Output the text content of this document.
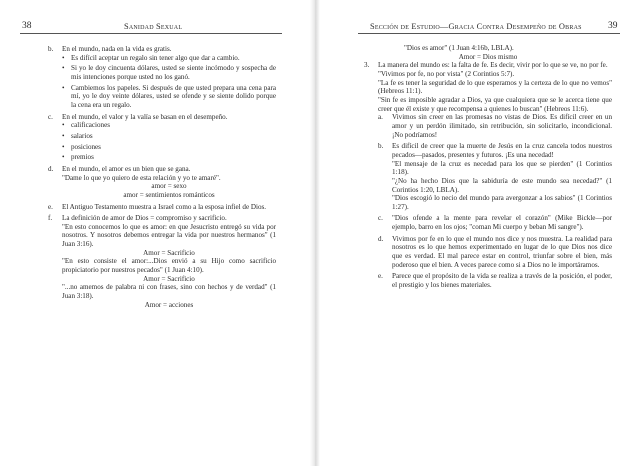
38	Sanidad Sexual
b. En el mundo, nada en la vida es gratis.

• Es difícil aceptar un regalo sin tener algo que dar a cambio.

• Si yo le doy cincuenta dólares, usted se siente incómodo y sospecha de mis intenciones porque usted no los ganó.

• Cambiemos los papeles. Si después de que usted prepara una cena para mí, yo le doy veinte dólares, usted se ofende y se siente dolido porque la cena era un regalo.

c. En el mundo, el valor y la valía se basan en el desempeño.

• calificaciones

• salarios

• posiciones

• premios

d. En el mundo, el amor es un bien que se gana.

"Dame lo que yo quiero de esta relación y yo te amaré".

amor = sexo

amor = sentimientos románticos

e. El Antiguo Testamento muestra a Israel como a la esposa infiel de Dios.

f. La definición de amor de Dios = compromiso y sacrificio.

"En esto conocemos lo que es amor: en que Jesucristo entregó su vida por nosotros. Y nosotros debemos entregar la vida por nuestros hermanos" (1 Juan 3:16).

Amor = Sacrificio

"En esto consiste el amor:...Dios envió a su Hijo como sacrificio propiciatorio por nuestros pecados" (1 Juan 4:10).

Amor = Sacrificio

"...no amemos de palabra ni con frases, sino con hechos y de verdad" (1 Juan 3:18).

Amor = acciones

Sección de Estudio—Gracia Contra Desempeño de Obras	39

"Dios es amor" (1 Juan 4:16b, LBLA).

Amor = Dios mismo

3. La manera del mundo es: la falta de fe. Es decir, vivir por lo que se ve, no por fe.

"Vivimos por fe, no por vista" (2 Corintios 5:7).

"La fe es tener la seguridad de lo que esperamos y la certeza de lo que no vemos" (Hebreos 11:1).

"Sin fe es imposible agradar a Dios, ya que cualquiera que se le acerca tiene que creer que él existe y que recompensa a quienes lo buscan" (Hebreos 11:6).

a. Vivimos sin creer en las promesas no vistas de Dios. Es difícil creer en un amor y un perdón ilimitado, sin retribución, sin solicitarlo, incondicional. ¡No podríamos!

b. Es difícil de creer que la muerte de Jesús en la cruz cancela todos nuestros pecados—pasados, presentes y futuros. ¡Es una necedad!

"El mensaje de la cruz es necedad para los que se pierden" (1 Corintios 1:18).

"¿No ha hecho Dios que la sabiduría de este mundo sea necedad?" (1 Corintios 1:20, LBLA).

"Dios escogió lo necio del mundo para avergonzar a los sabios" (1 Corintios 1:27).

c. "Dios ofende a la mente para revelar el corazón" (Mike Bickle—por ejemplo, barro en los ojos; "coman Mi cuerpo y beban Mi sangre").

d. Vivimos por fe en lo que el mundo nos dice y nos muestra. La realidad para nosotros es lo que hemos experimentado en lugar de lo que Dios nos dice que es verdad. El mal parece estar en control, triunfar sobre el bien, más poderoso que el bien. A veces parece como si a Dios no le importáramos.

e. Parece que el propósito de la vida se realiza a través de la posición, el poder, el prestigio y los bienes materiales.
